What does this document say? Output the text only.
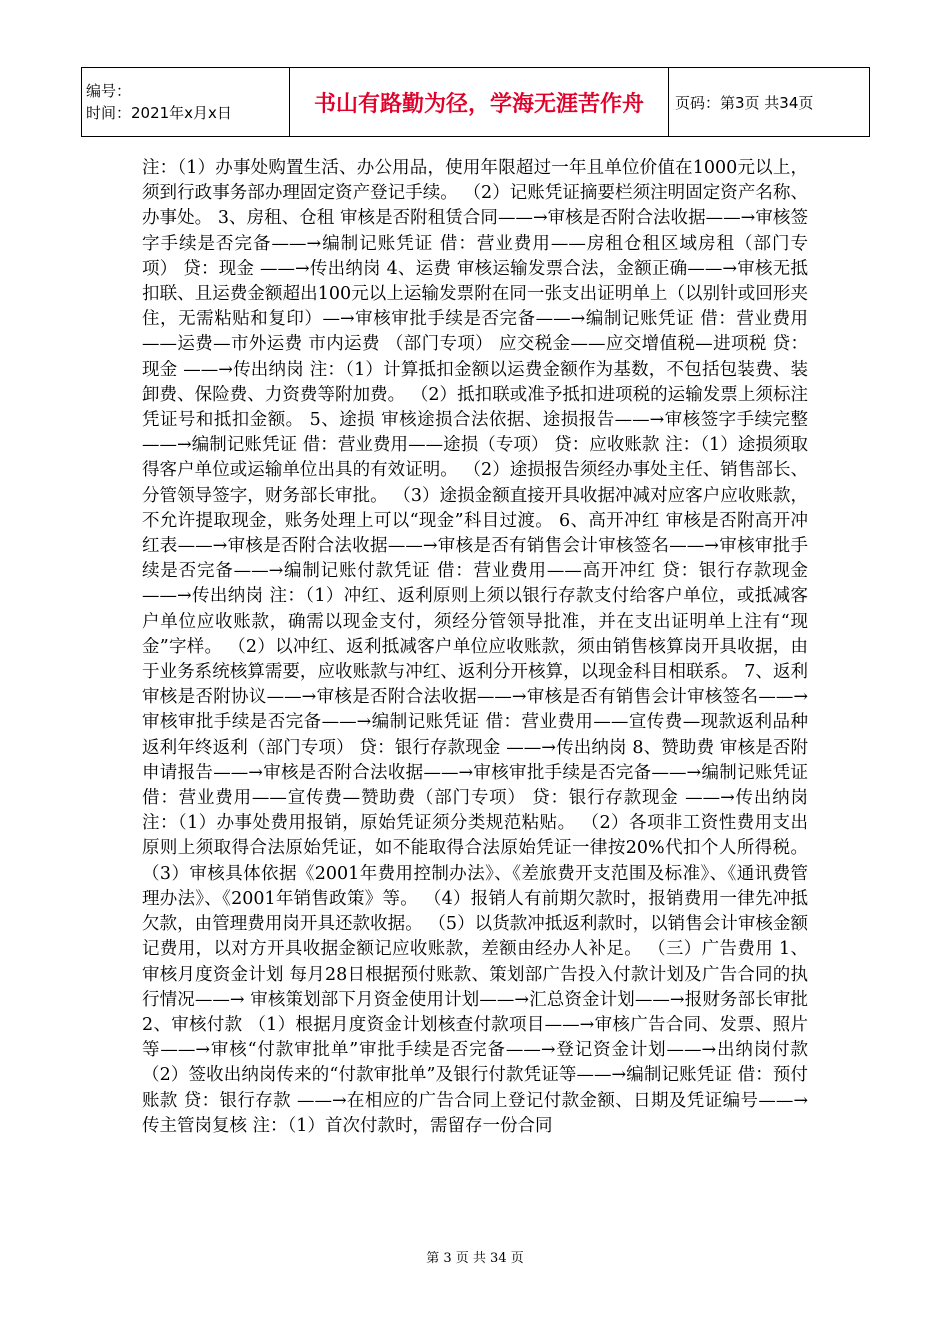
编号：
时间：2021年x月x日	书山有路勤为径，学海无涯苦作舟	页码：第3页 共34页

注：（1）办事处购置生活、办公用品，使用年限超过一年且单位价值在1000元以上，须到行政事务部办理固定资产登记手续。 （2）记账凭证摘要栏须注明固定资产名称、办事处。 3、房租、仓租 审核是否附租赁合同——→审核是否附合法收据——→审核签字手续是否完备——→编制记账凭证 借：营业费用——房租仓租区域房租（部门专项） 贷：现金 ——→传出纳岗 4、运费 审核运输发票合法，金额正确——→审核无抵扣联、且运费金额超出100元以上运输发票附在同一张支出证明单上（以别针或回形夹住，无需粘贴和复印）—→审核审批手续是否完备——→编制记账凭证 借：营业费用——运费—市外运费 市内运费 （部门专项） 应交税金——应交增值税—进项税 贷：现金 ——→传出纳岗 注：（1）计算抵扣金额以运费金额作为基数，不包括包装费、装卸费、保险费、力资费等附加费。 （2）抵扣联或准予抵扣进项税的运输发票上须标注凭证号和抵扣金额。 5、途损 审核途损合法依据、途损报告——→审核签字手续完整——→编制记账凭证 借：营业费用——途损（专项） 贷：应收账款 注：（1）途损须取得客户单位或运输单位出具的有效证明。 （2）途损报告须经办事处主任、销售部长、分管领导签字，财务部长审批。 （3）途损金额直接开具收据冲减对应客户应收账款，不允许提取现金，账务处理上可以“现金”科目过渡。 6、高开冲红 审核是否附高开冲红表——→审核是否附合法收据——→审核是否有销售会计审核签名——→审核审批手续是否完备——→编制记账付款凭证 借：营业费用——高开冲红 贷：银行存款现金 ——→传出纳岗 注：（1）冲红、返利原则上须以银行存款支付给客户单位，或抵减客户单位应收账款，确需以现金支付，须经分管领导批准，并在支出证明单上注有“现金”字样。 （2）以冲红、返利抵减客户单位应收账款，须由销售核算岗开具收据，由于业务系统核算需要，应收账款与冲红、返利分开核算，以现金科目相联系。 7、返利 审核是否附协议——→审核是否附合法收据——→审核是否有销售会计审核签名——→审核审批手续是否完备——→编制记账凭证 借：营业费用——宣传费—现款返利品种返利年终返利（部门专项） 贷：银行存款现金 ——→传出纳岗 8、赞助费 审核是否附申请报告——→审核是否附合法收据——→审核审批手续是否完备——→编制记账凭证 借：营业费用——宣传费—赞助费（部门专项） 贷：银行存款现金 ——→传出纳岗 注：（1）办事处费用报销，原始凭证须分类规范粘贴。 （2）各项非工资性费用支出原则上须取得合法原始凭证，如不能取得合法原始凭证一律按20%代扣个人所得税。 （3）审核具体依据《2001年费用控制办法》、《差旅费开支范围及标准》、《通讯费管理办法》、《2001年销售政策》等。 （4）报销人有前期欠款时，报销费用一律先冲抵欠款，由管理费用岗开具还款收据。 （5）以货款冲抵返利款时，以销售会计审核金额记费用，以对方开具收据金额记应收账款，差额由经办人补足。 （三）广告费用 1、审核月度资金计划 每月28日根据预付账款、策划部广告投入付款计划及广告合同的执行情况——→ 审核策划部下月资金使用计划——→汇总资金计划——→报财务部长审批 2、审核付款 （1）根据月度资金计划核查付款项目——→审核广告合同、发票、照片等——→审核“付款审批单”审批手续是否完备——→登记资金计划——→出纳岗付款 （2）签收出纳岗传来的“付款审批单”及银行付款凭证等——→编制记账凭证 借：预付账款 贷：银行存款 ——→在相应的广告合同上登记付款金额、日期及凭证编号——→传主管岗复核 注：（1）首次付款时，需留存一份合同

第 3 页 共 34 页
